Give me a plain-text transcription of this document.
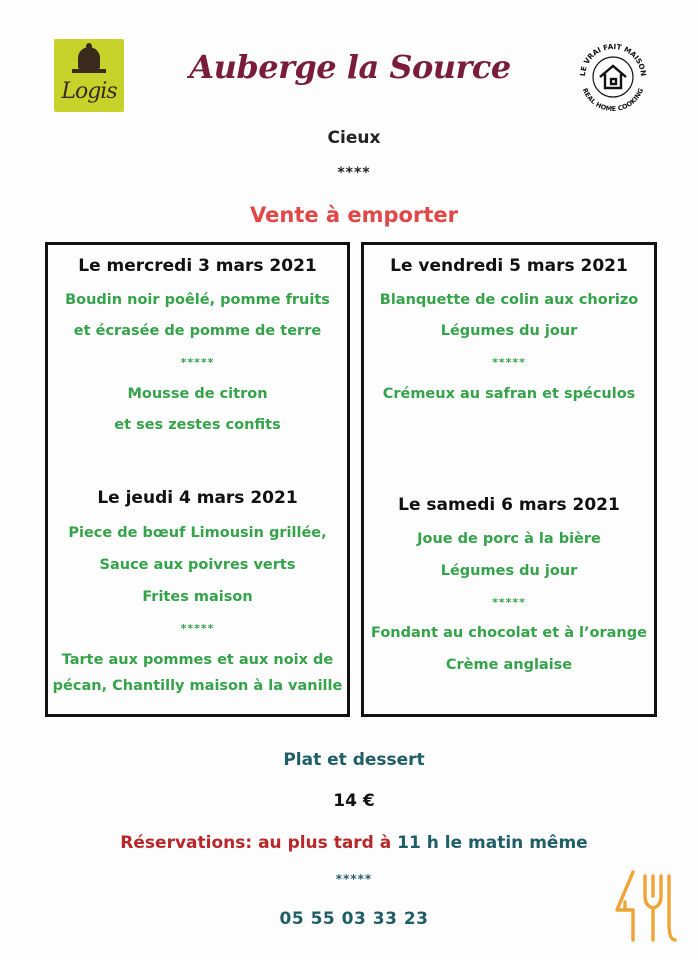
Logis
Auberge la Source	LE VRAI FAIT MAISON
REAL HOME COOKING
Cieux
****
Vente à emporter
Le mercredi 3 mars 2021
Boudin noir poêlé, pomme fruits
et écrasée de pomme de terre
*****
Mousse de citron
et ses zestes confits
Le jeudi 4 mars 2021
Piece de bœuf Limousin grillée,
Sauce aux poivres verts
Frites maison
*****
Tarte aux pommes et aux noix de
pécan, Chantilly maison à la vanille
Le vendredi 5 mars 2021
Blanquette de colin aux chorizo
Légumes du jour
*****
Crémeux au safran et spéculos
Le samedi 6 mars 2021
Joue de porc à la bière
Légumes du jour
*****
Fondant au chocolat et à l’orange
Crème anglaise
Plat et dessert
14 €
Réservations: au plus tard à 11 h le matin même
*****
05 55 03 33 23
